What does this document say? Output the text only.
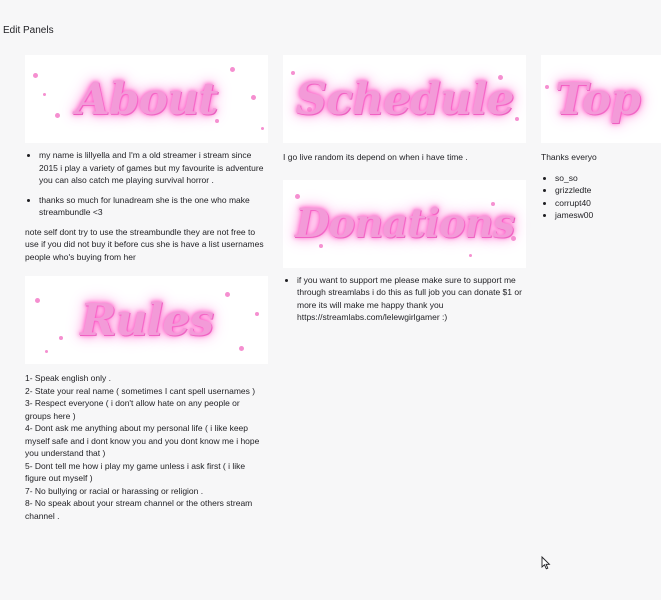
Edit Panels
About
• my name is lillyella and I'm a old streamer i stream since 2015 i play a variety of games but my favourite is adventure you can also catch me playing survival horror .
• thanks so much for lunadream she is the one who make streambundle <3

note self dont try to use the streambundle they are not free to use if you did not buy it before cus she is have a list usernames people who's buying from her

Rules
1- Speak english only .
2- State your real name ( sometimes I cant spell usernames )
3- Respect everyone ( i don't allow hate on any people or groups here )
4- Dont ask me anything about my personal life ( i like keep myself safe and i dont know you and you dont know me i hope you understand that )
5- Dont tell me how i play my game unless i ask first ( i like figure out myself )
7- No bullying or racial or harassing or religion .
8- No speak about your stream channel or the others stream channel .
Schedule

I go live random its depend on when i have time .

Donations
• if you want to support me please make sure to support me through streamlabs i do this as full job you can donate $1 or more its will make me happy thank you https://streamlabs.com/lelewgirlgamer :)
Top

Thanks everyo

• so_so
• grizzledte
• corrupt40
• jamesw00
